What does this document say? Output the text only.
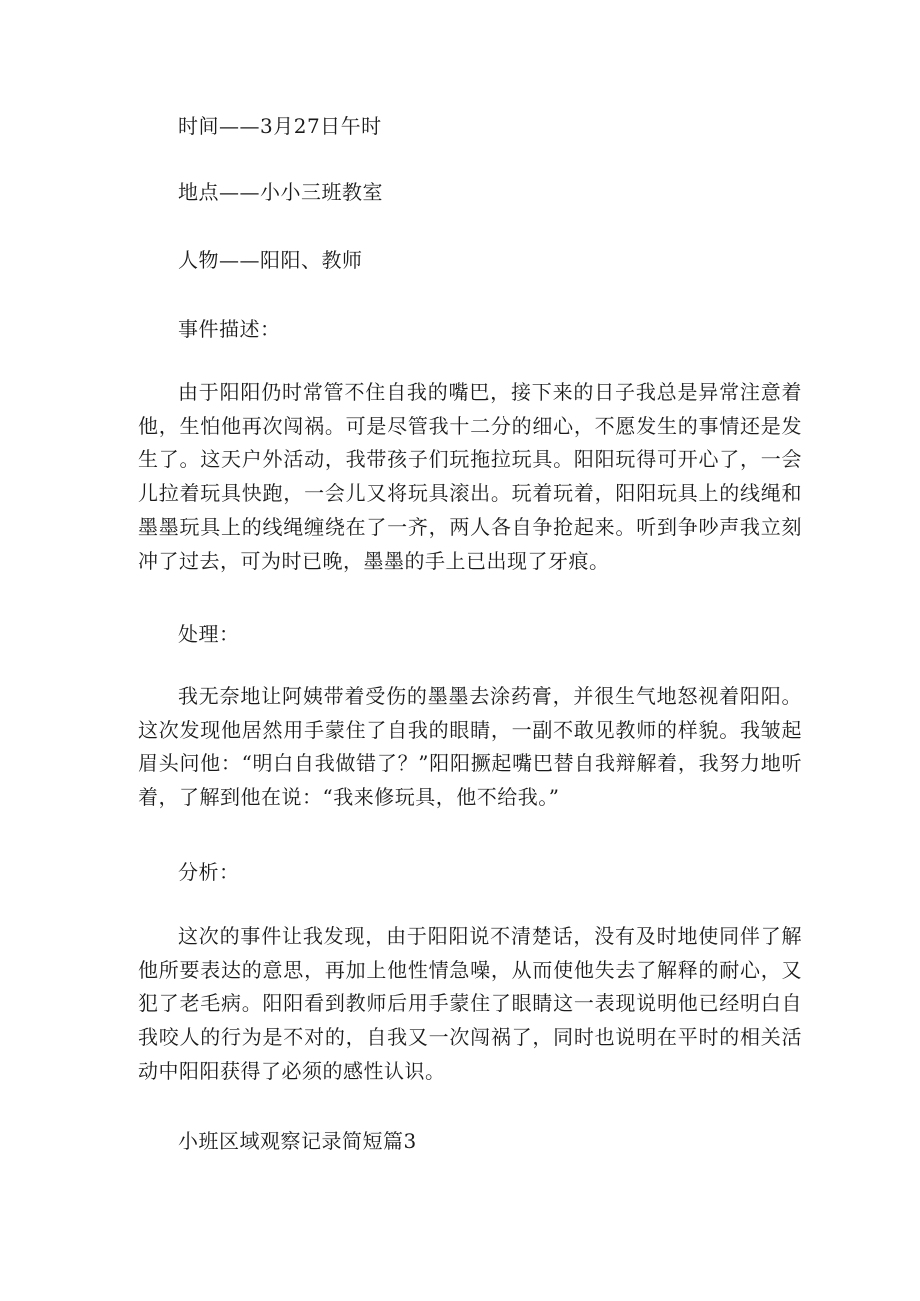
时间——3月27日午时
地点——小小三班教室
人物——阳阳、教师
事件描述：
由于阳阳仍时常管不住自我的嘴巴，接下来的日子我总是异常注意着他，生怕他再次闯祸。可是尽管我十二分的细心，不愿发生的事情还是发生了。这天户外活动，我带孩子们玩拖拉玩具。阳阳玩得可开心了，一会儿拉着玩具快跑，一会儿又将玩具滚出。玩着玩着，阳阳玩具上的线绳和墨墨玩具上的线绳缠绕在了一齐，两人各自争抢起来。听到争吵声我立刻冲了过去，可为时已晚，墨墨的手上已出现了牙痕。
处理：
我无奈地让阿姨带着受伤的墨墨去涂药膏，并很生气地怒视着阳阳。这次发现他居然用手蒙住了自我的眼睛，一副不敢见教师的样貌。我皱起眉头问他：“明白自我做错了？”阳阳撅起嘴巴替自我辩解着，我努力地听着，了解到他在说：“我来修玩具，他不给我。”
分析：
这次的事件让我发现，由于阳阳说不清楚话，没有及时地使同伴了解他所要表达的意思，再加上他性情急噪，从而使他失去了解释的耐心，又犯了老毛病。阳阳看到教师后用手蒙住了眼睛这一表现说明他已经明白自我咬人的行为是不对的，自我又一次闯祸了，同时也说明在平时的相关活动中阳阳获得了必须的感性认识。
小班区域观察记录简短篇3
